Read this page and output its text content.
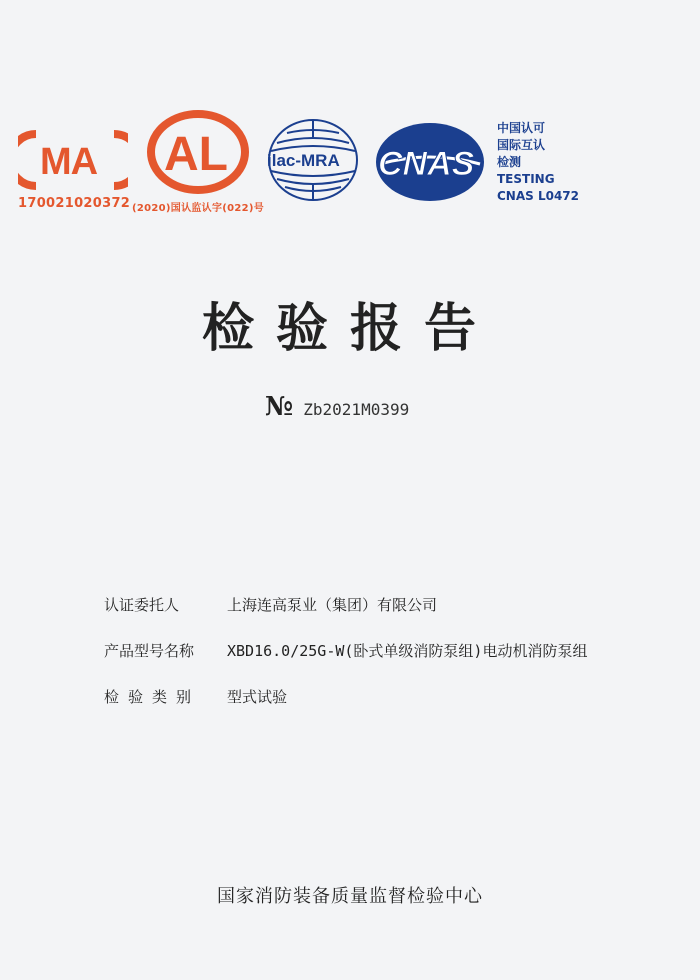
MA
170021020372
AL
(2020)国认监认字(022)号
ilac-MRA CNAS
中国认可
国际互认
检测
TESTING
CNAS L0472
检验报告
№ Zb2021M0399
认证委托人	上海连高泵业（集团）有限公司
产品型号名称	XBD16.0/25G-W(卧式单级消防泵组)电动机消防泵组
检验类别	型式试验
国家消防装备质量监督检验中心
